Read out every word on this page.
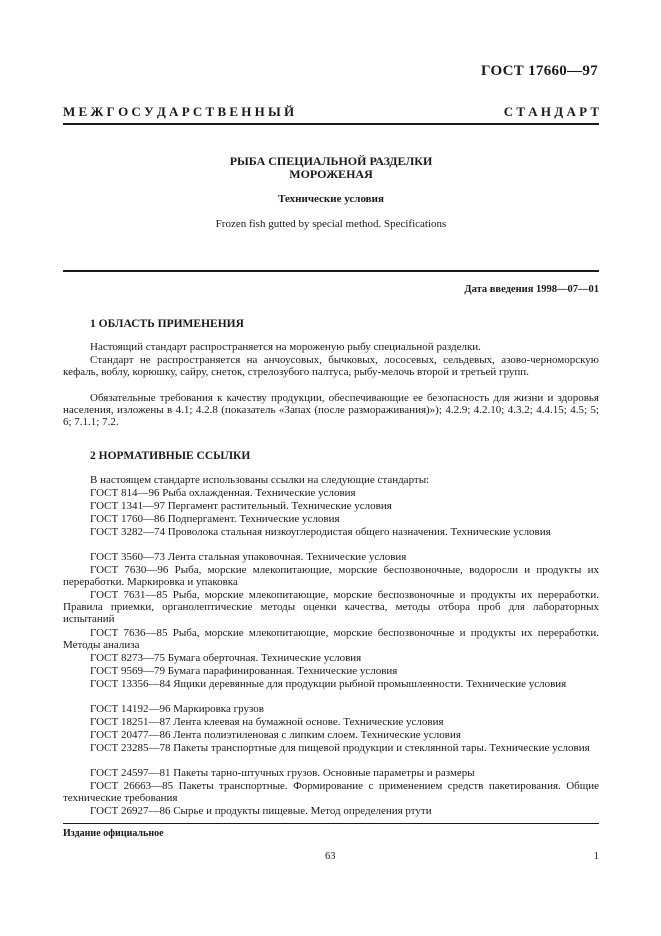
ГОСТ 17660—97
М Е Ж Г О С У Д А Р С Т В Е Н Н Ы Й	С Т А Н Д А Р Т
РЫБА СПЕЦИАЛЬНОЙ РАЗДЕЛКИ
МОРОЖЕНАЯ
Технические условия
Frozen fish gutted by special method. Specifications
Дата введения 1998—07—01
1 ОБЛАСТЬ ПРИМЕНЕНИЯ

Настоящий стандарт распространяется на мороженую рыбу специальной разделки.

Стандарт не распространяется на анчоусовых, бычковых, лососевых, сельдевых, азово-черноморскую кефаль, воблу, корюшку, сайру, снеток, стрелозубого палтуса, рыбу-мелочь второй и третьей групп.

Обязательные требования к качеству продукции, обеспечивающие ее безопасность для жизни и здоровья населения, изложены в 4.1; 4.2.8 (показатель «Запах (после размораживания)»); 4.2.9; 4.2.10; 4.3.2; 4.4.15; 4.5; 5; 6; 7.1.1; 7.2.

2 НОРМАТИВНЫЕ ССЫЛКИ
В настоящем стандарте использованы ссылки на следующие стандарты:
ГОСТ 814—96 Рыба охлажденная. Технические условия
ГОСТ 1341—97 Пергамент растительный. Технические условия
ГОСТ 1760—86 Подпергамент. Технические условия

ГОСТ 3282—74 Проволока стальная низкоуглеродистая общего назначения. Технические условия

ГОСТ 3560—73 Лента стальная упаковочная. Технические условия

ГОСТ 7630—96 Рыба, морские млекопитающие, морские беспозвоночные, водоросли и продукты их переработки. Маркировка и упаковка

ГОСТ 7631—85 Рыба, морские млекопитающие, морские беспозвоночные и продукты их переработки. Правила приемки, органолептические методы оценки качества, методы отбора проб для лабораторных испытаний

ГОСТ 7636—85 Рыба, морские млекопитающие, морские беспозвоночные и продукты их переработки. Методы анализа

ГОСТ 8273—75 Бумага оберточная. Технические условия
ГОСТ 9569—79 Бумага парафинированная. Технические условия

ГОСТ 13356—84 Ящики деревянные для продукции рыбной промышленности. Технические условия

ГОСТ 14192—96 Маркировка грузов
ГОСТ 18251—87 Лента клеевая на бумажной основе. Технические условия
ГОСТ 20477—86 Лента полиэтиленовая с липким слоем. Технические условия

ГОСТ 23285—78 Пакеты транспортные для пищевой продукции и стеклянной тары. Технические условия

ГОСТ 24597—81 Пакеты тарно-штучных грузов. Основные параметры и размеры

ГОСТ 26663—85 Пакеты транспортные. Формирование с применением средств пакетирования. Общие технические требования

ГОСТ 26927—86 Сырье и продукты пищевые. Метод определения ртути
Издание официальное
63	1
